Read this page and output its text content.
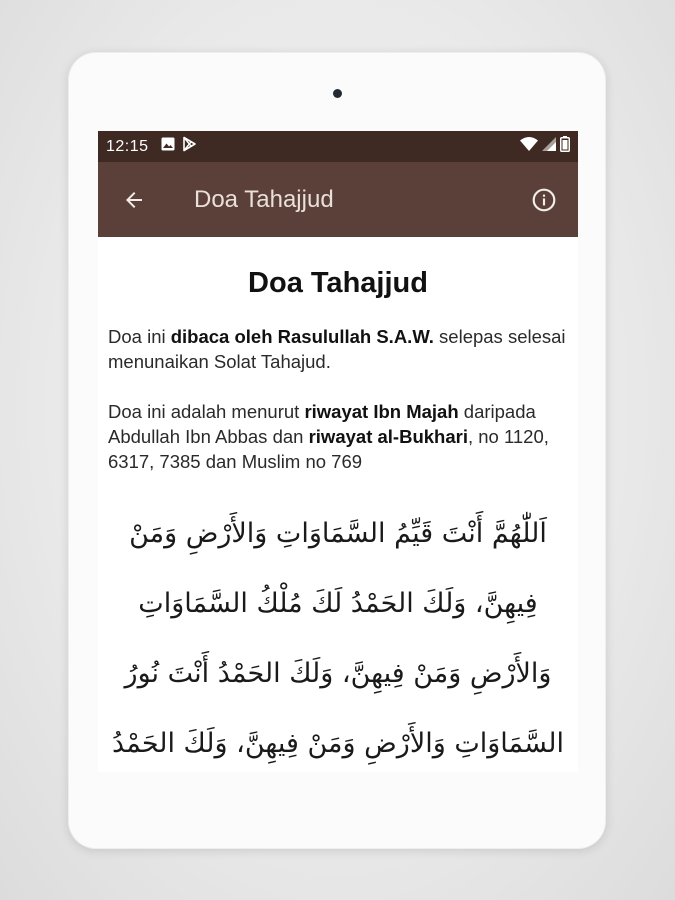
12:15
Doa Tahajjud
Doa Tahajjud

Doa ini dibaca oleh Rasulullah S.A.W. selepas selesai menunaikan Solat Tahajud.

Doa ini adalah menurut riwayat Ibn Majah daripada Abdullah Ibn Abbas dan riwayat al-Bukhari, no 1120, 6317, 7385 dan Muslim no 769

اَللّٰهُمَّ أَنْتَ قَيِّمُ السَّمَاوَاتِ وَالأَرْضِ وَمَنْ
فِيهِنَّ، وَلَكَ الحَمْدُ لَكَ مُلْكُ السَّمَاوَاتِ
وَالأَرْضِ وَمَنْ فِيهِنَّ، وَلَكَ الحَمْدُ أَنْتَ نُورُ
السَّمَاوَاتِ وَالأَرْضِ وَمَنْ فِيهِنَّ، وَلَكَ الحَمْدُ
